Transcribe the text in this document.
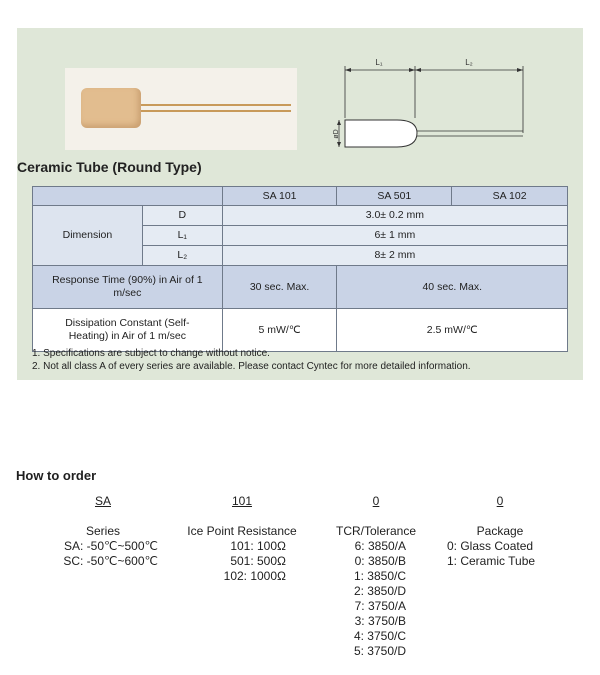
L₁	L₂
øD
Ceramic Tube (Round Type)
		SA 101	SA 501	SA 102
Dimension	D	3.0± 0.2 mm		
	L₁	6± 1 mm		
	L₂	8± 2 mm		
Response Time (90%) in Air of 1 m/sec		30 sec. Max.	40 sec. Max.	
Dissipation Constant (Self-Heating) in Air of 1 m/sec		5 mW/℃	2.5 mW/℃	
1. Specifications are subject to change without notice.
2. Not all class A of every series are available. Please contact Cyntec for more detailed information.
How to order
SA
Series
SA: -50℃~500℃
SC: -50℃~600℃
101
Ice Point Resistance
101: 100Ω
501: 500Ω
102: 1000Ω
0
TCR/Tolerance
6: 3850/A
0: 3850/B
1: 3850/C
2: 3850/D
7: 3750/A
3: 3750/B
4: 3750/C
5: 3750/D
0
Package
0: Glass Coated
1: Ceramic Tube
